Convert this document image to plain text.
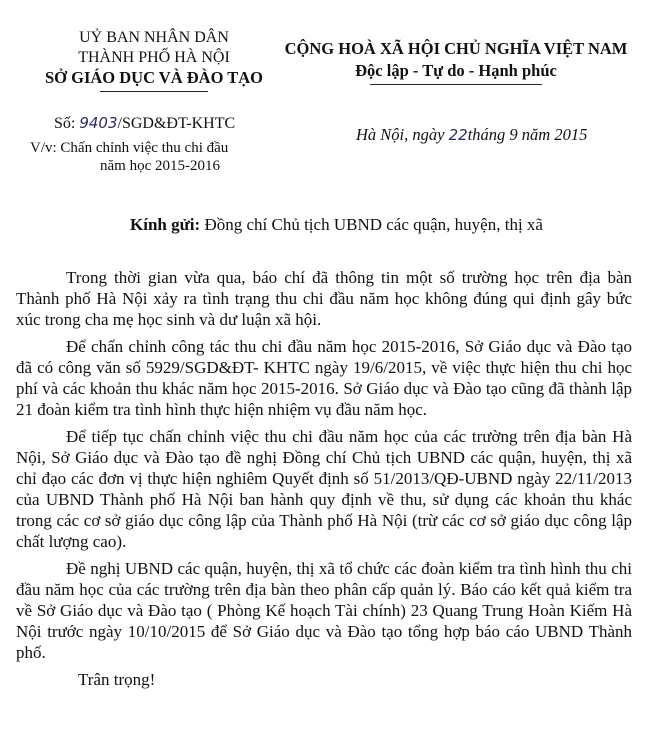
UỶ BAN NHÂN DÂN
THÀNH PHỐ HÀ NỘI
SỞ GIÁO DỤC VÀ ĐÀO TẠO
CỘNG HOÀ XÃ HỘI CHỦ NGHĨA VIỆT NAM
Độc lập - Tự do - Hạnh phúc
Số: 9403/SGD&ĐT-KHTC
Hà Nội, ngày 22tháng 9 năm 2015
V/v: Chấn chỉnh việc thu chi đầu
năm học 2015-2016
Kính gửi: Đồng chí Chủ tịch UBND các quận, huyện, thị xã

Trong thời gian vừa qua, báo chí đã thông tin một số trường học trên địa bàn Thành phố Hà Nội xảy ra tình trạng thu chi đầu năm học không đúng qui định gây bức xúc trong cha mẹ học sinh và dư luận xã hội.

Để chấn chỉnh công tác thu chi đầu năm học 2015-2016, Sở Giáo dục và Đào tạo đã có công văn số 5929/SGD&ĐT- KHTC ngày 19/6/2015, về việc thực hiện thu chi học phí và các khoản thu khác năm học 2015-2016. Sở Giáo dục và Đào tạo cũng đã thành lập 21 đoàn kiểm tra tình hình thực hiện nhiệm vụ đầu năm học.

Để tiếp tục chấn chỉnh việc thu chi đầu năm học của các trường trên địa bàn Hà Nội, Sở Giáo dục và Đào tạo đề nghị Đồng chí Chủ tịch UBND các quận, huyện, thị xã chỉ đạo các đơn vị thực hiện nghiêm Quyết định số 51/2013/QĐ-UBND ngày 22/11/2013 của UBND Thành phố Hà Nội ban hành quy định về thu, sử dụng các khoản thu khác trong các cơ sở giáo dục công lập của Thành phố Hà Nội (trừ các cơ sở giáo dục công lập chất lượng cao).

Đề nghị UBND các quận, huyện, thị xã tổ chức các đoàn kiểm tra tình hình thu chi đầu năm học của các trường trên địa bàn theo phân cấp quản lý. Báo cáo kết quả kiểm tra về Sở Giáo dục và Đào tạo ( Phòng Kế hoạch Tài chính) 23 Quang Trung Hoàn Kiếm Hà Nội trước ngày 10/10/2015 để Sở Giáo dục và Đào tạo tổng hợp báo cáo UBND Thành phố.

Trân trọng!
